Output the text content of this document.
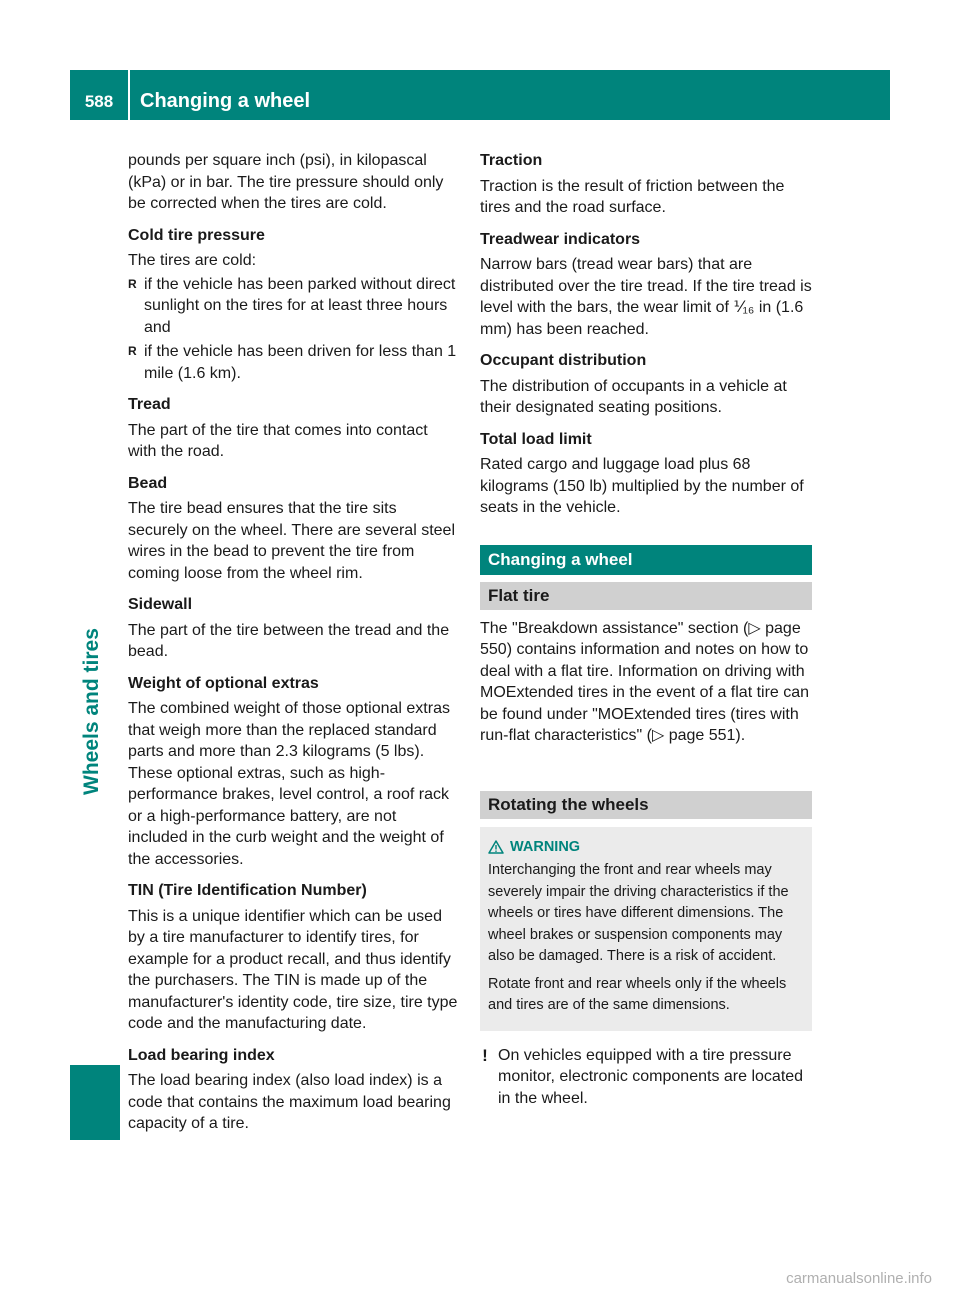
588	Changing a wheel
Wheels and tires

pounds per square inch (psi), in kilopascal (kPa) or in bar. The tire pressure should only be corrected when the tires are cold.

Cold tire pressure

The tires are cold:

R if the vehicle has been parked without direct sunlight on the tires for at least three hours and
R if the vehicle has been driven for less than 1 mile (1.6 km).
Tread

The part of the tire that comes into contact with the road.

Bead

The tire bead ensures that the tire sits securely on the wheel. There are several steel wires in the bead to prevent the tire from coming loose from the wheel rim.

Sidewall

The part of the tire between the tread and the bead.

Weight of optional extras

The combined weight of those optional extras that weigh more than the replaced standard parts and more than 2.3 kilograms (5 lbs). These optional extras, such as high-performance brakes, level control, a roof rack or a high-performance battery, are not included in the curb weight and the weight of the accessories.

TIN (Tire Identification Number)

This is a unique identifier which can be used by a tire manufacturer to identify tires, for example for a product recall, and thus identify the purchasers. The TIN is made up of the manufacturer's identity code, tire size, tire type code and the manufacturing date.

Load bearing index

The load bearing index (also load index) is a code that contains the maximum load bearing capacity of a tire.

Traction

Traction is the result of friction between the tires and the road surface.

Treadwear indicators

Narrow bars (tread wear bars) that are distributed over the tire tread. If the tire tread is level with the bars, the wear limit of ⅟₁₆ in (1.6 mm) has been reached.

Occupant distribution

The distribution of occupants in a vehicle at their designated seating positions.

Total load limit

Rated cargo and luggage load plus 68 kilograms (150 lb) multiplied by the number of seats in the vehicle.

Changing a wheel
Flat tire

The "Breakdown assistance" section (▷ page 550) contains information and notes on how to deal with a flat tire. Information on driving with MOExtended tires in the event of a flat tire can be found under "MOExtended tires (tires with run-flat characteristics" (▷ page 551).

Rotating the wheels
WARNING

Interchanging the front and rear wheels may severely impair the driving characteristics if the wheels or tires have different dimensions. The wheel brakes or suspension components may also be damaged. There is a risk of accident.

Rotate front and rear wheels only if the wheels and tires are of the same dimensions.

! On vehicles equipped with a tire pressure monitor, electronic components are located in the wheel.
carmanualsonline.info
